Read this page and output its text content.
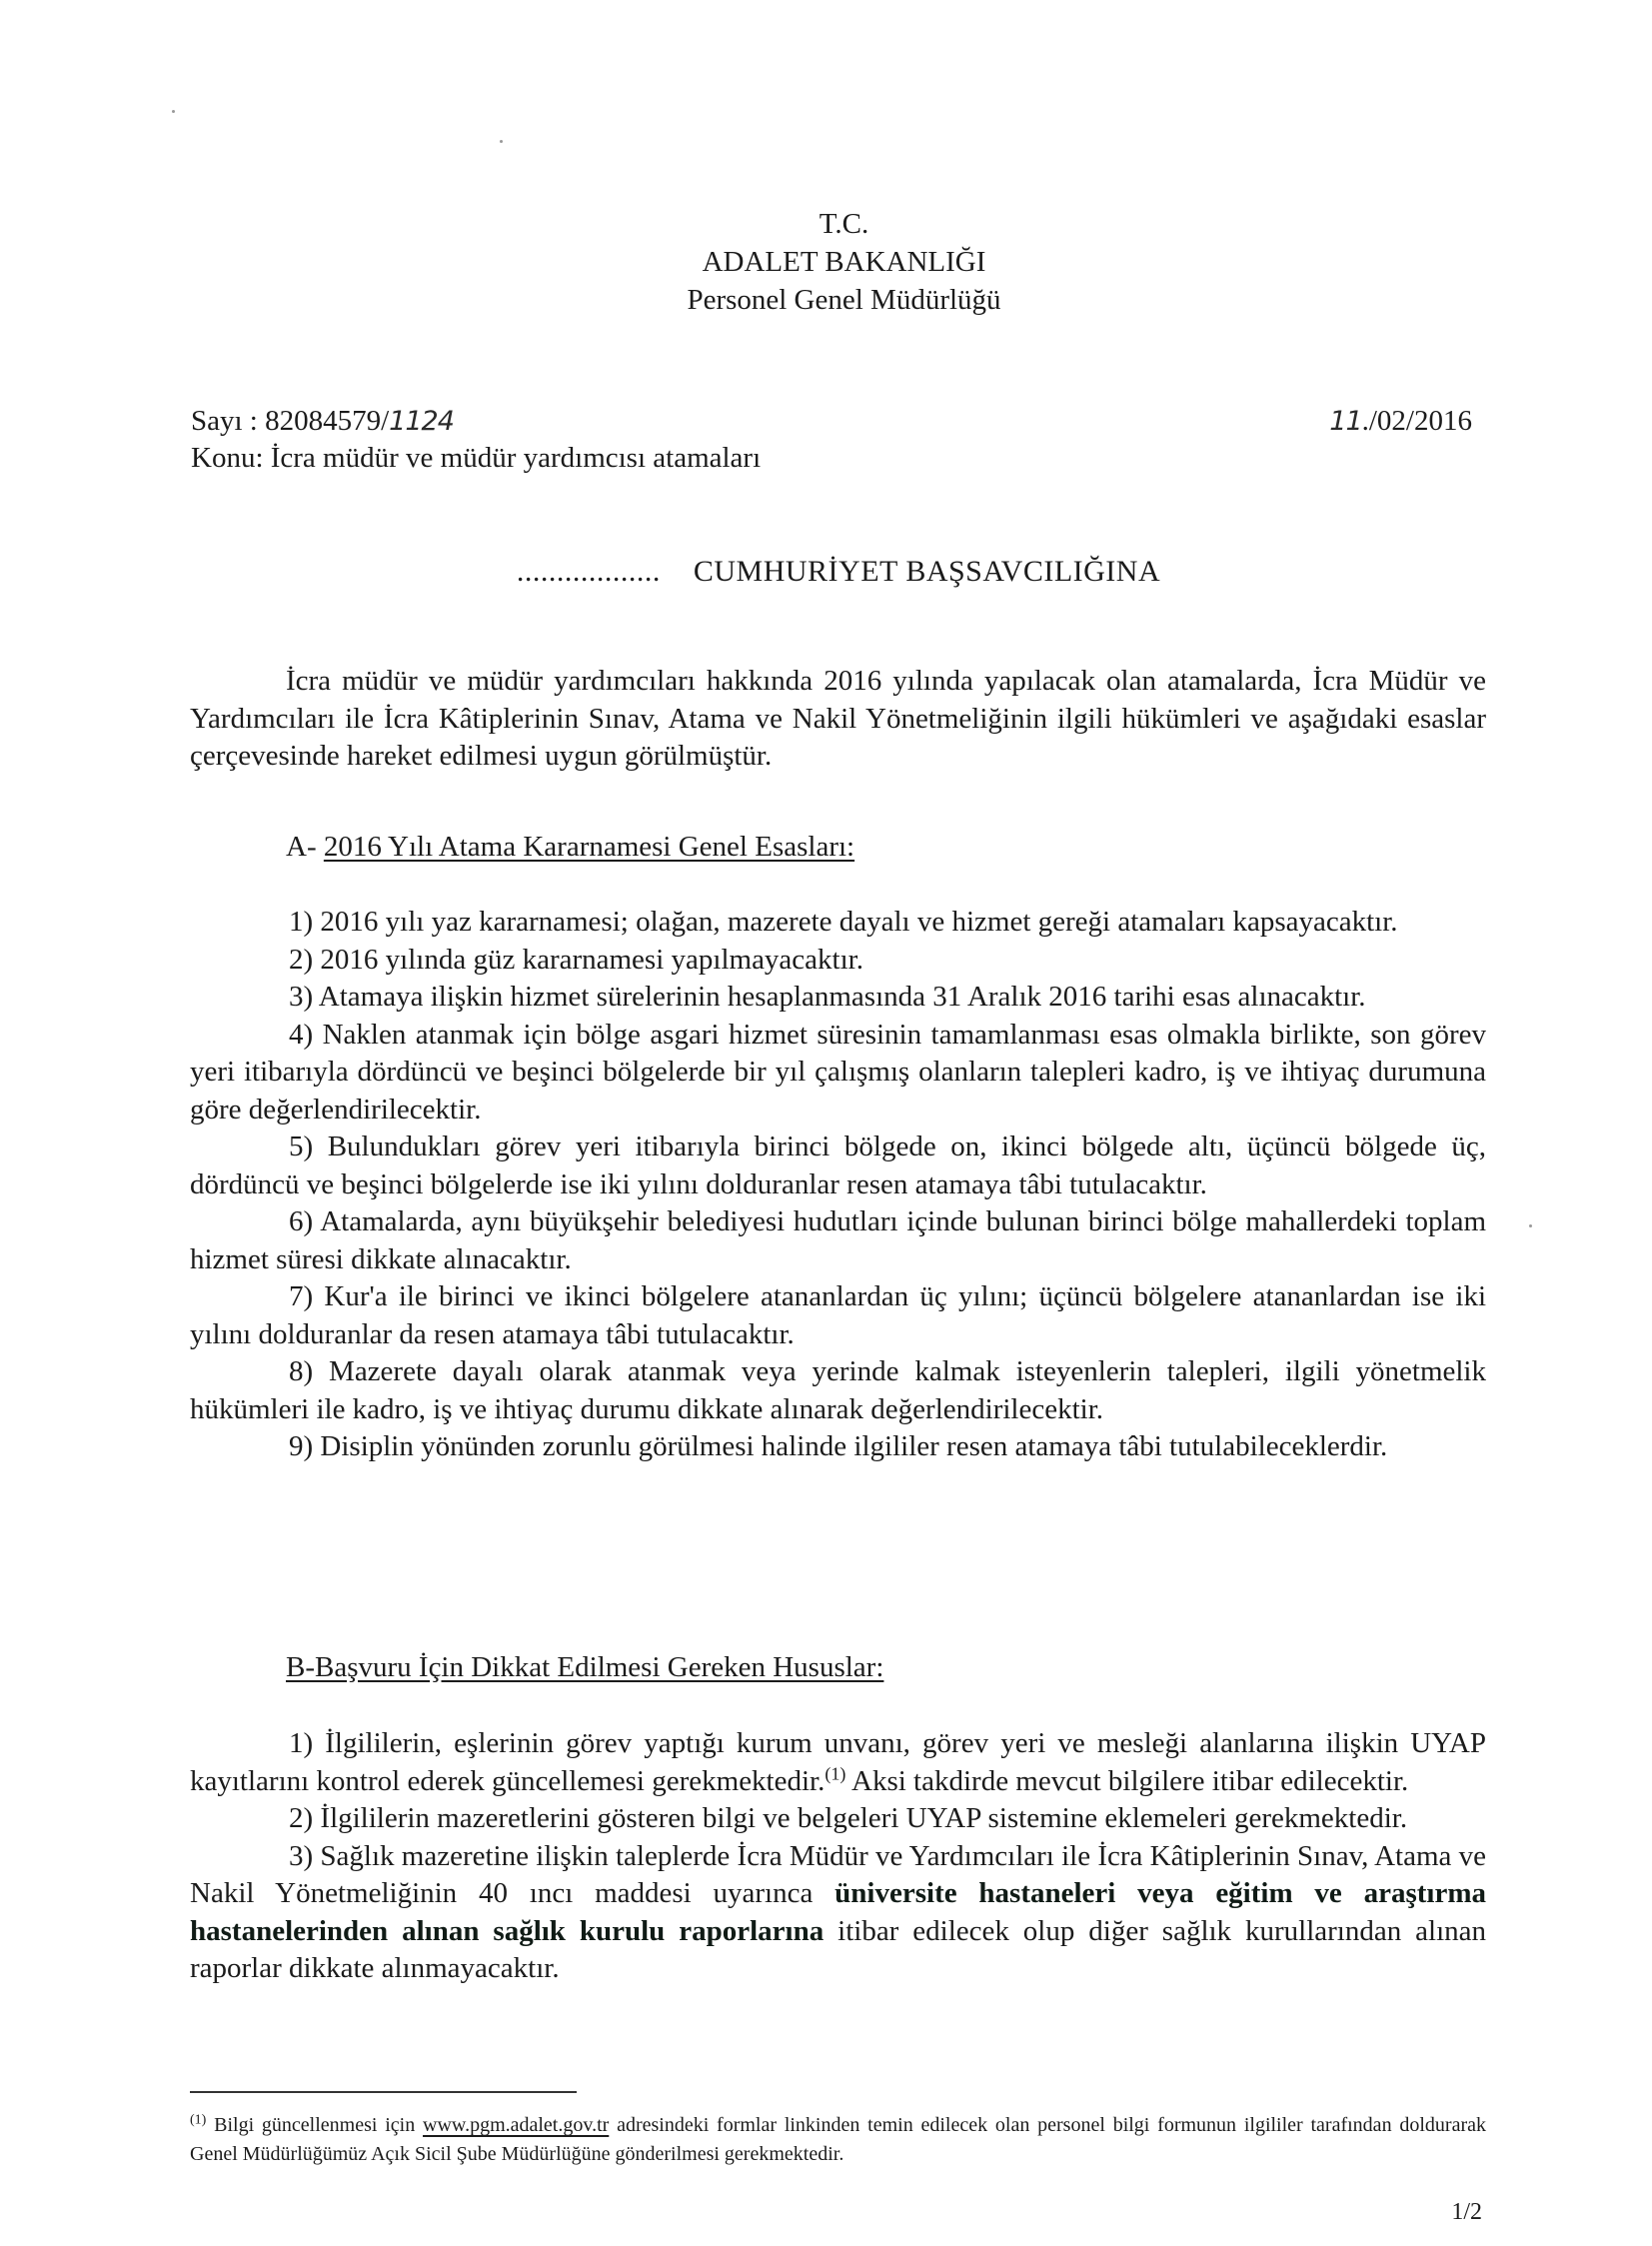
T.C.
ADALET BAKANLIĞI
Personel Genel Müdürlüğü
Sayı : 82084579/1124	11./02/2016
Konu: İcra müdür ve müdür yardımcısı atamaları
.................. CUMHURİYET BAŞSAVCILIĞINA
İcra müdür ve müdür yardımcıları hakkında 2016 yılında yapılacak olan atamalarda, İcra Müdür ve Yardımcıları ile İcra Kâtiplerinin Sınav, Atama ve Nakil Yönetmeliğinin ilgili hükümleri ve aşağıdaki esaslar çerçevesinde hareket edilmesi uygun görülmüştür.
A- 2016 Yılı Atama Kararnamesi Genel Esasları:
1) 2016 yılı yaz kararnamesi; olağan, mazerete dayalı ve hizmet gereği atamaları kapsayacaktır.
2) 2016 yılında güz kararnamesi yapılmayacaktır.
3) Atamaya ilişkin hizmet sürelerinin hesaplanmasında 31 Aralık 2016 tarihi esas alınacaktır.
4) Naklen atanmak için bölge asgari hizmet süresinin tamamlanması esas olmakla birlikte, son görev yeri itibarıyla dördüncü ve beşinci bölgelerde bir yıl çalışmış olanların talepleri kadro, iş ve ihtiyaç durumuna göre değerlendirilecektir.
5) Bulundukları görev yeri itibarıyla birinci bölgede on, ikinci bölgede altı, üçüncü bölgede üç, dördüncü ve beşinci bölgelerde ise iki yılını dolduranlar resen atamaya tâbi tutulacaktır.
6) Atamalarda, aynı büyükşehir belediyesi hudutları içinde bulunan birinci bölge mahallerdeki toplam hizmet süresi dikkate alınacaktır.
7) Kur'a ile birinci ve ikinci bölgelere atananlardan üç yılını; üçüncü bölgelere atananlardan ise iki yılını dolduranlar da resen atamaya tâbi tutulacaktır.
8) Mazerete dayalı olarak atanmak veya yerinde kalmak isteyenlerin talepleri, ilgili yönetmelik hükümleri ile kadro, iş ve ihtiyaç durumu dikkate alınarak değerlendirilecektir.
9) Disiplin yönünden zorunlu görülmesi halinde ilgililer resen atamaya tâbi tutulabileceklerdir.
B-Başvuru İçin Dikkat Edilmesi Gereken Hususlar:
1) İlgililerin, eşlerinin görev yaptığı kurum unvanı, görev yeri ve mesleği alanlarına ilişkin UYAP kayıtlarını kontrol ederek güncellemesi gerekmektedir.$^{(1)}$ Aksi takdirde mevcut bilgilere itibar edilecektir.
2) İlgililerin mazeretlerini gösteren bilgi ve belgeleri UYAP sistemine eklemeleri gerekmektedir.
3) Sağlık mazeretine ilişkin taleplerde İcra Müdür ve Yardımcıları ile İcra Kâtiplerinin Sınav, Atama ve Nakil Yönetmeliğinin 40 ıncı maddesi uyarınca üniversite hastaneleri veya eğitim ve araştırma hastanelerinden alınan sağlık kurulu raporlarına itibar edilecek olup diğer sağlık kurullarından alınan raporlar dikkate alınmayacaktır.
$^{(1)}$ Bilgi güncellenmesi için www.pgm.adalet.gov.tr adresindeki formlar linkinden temin edilecek olan personel bilgi formunun ilgililer tarafından doldurarak Genel Müdürlüğümüz Açık Sicil Şube Müdürlüğüne gönderilmesi gerekmektedir.
1/2
